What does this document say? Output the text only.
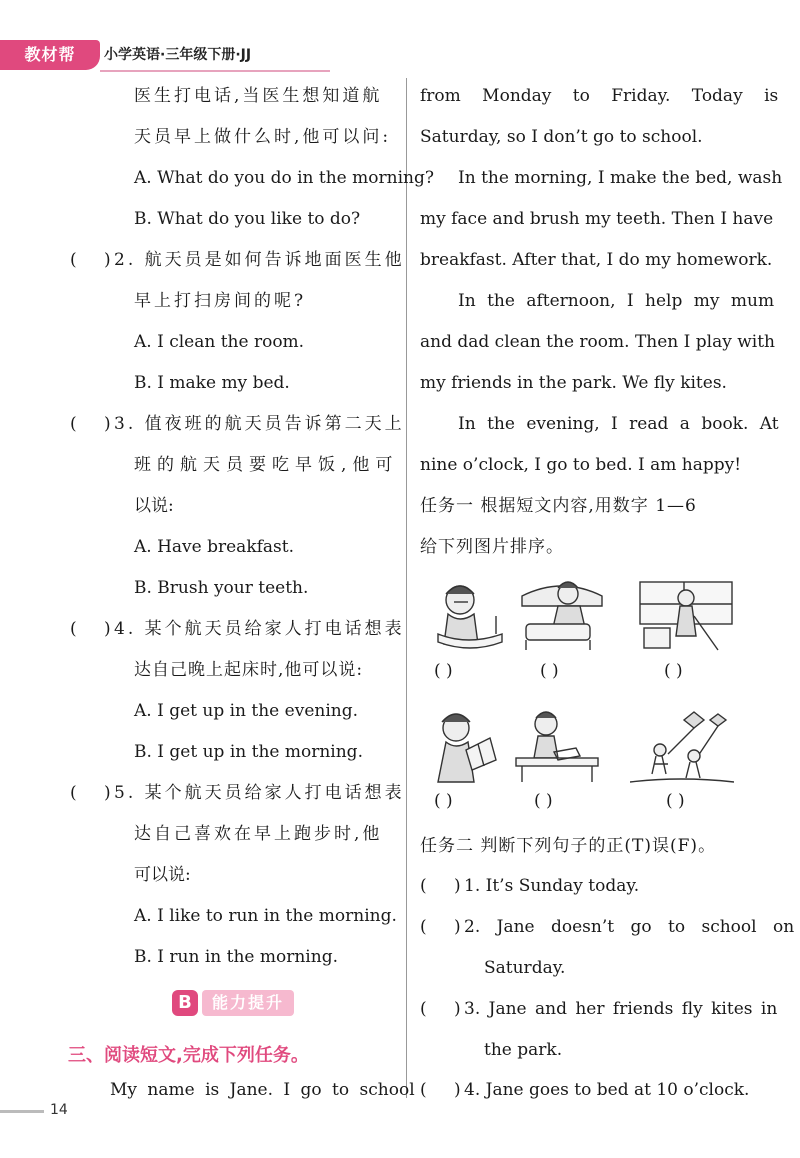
教材帮	小学英语·三年级下册·JJ
医生打电话,当医生想知道航
天员早上做什么时,他可以问:
A. What do you do in the morning?
B. What do you like to do?
( ) 2. 航天员是如何告诉地面医生他
早上打扫房间的呢?
A. I clean the room.
B. I make my bed.
( ) 3. 值夜班的航天员告诉第二天上
班的航天员要吃早饭,他可
以说:
A. Have breakfast.
B. Brush your teeth.
( ) 4. 某个航天员给家人打电话想表
达自己晚上起床时,他可以说:
A. I get up in the evening.
B. I get up in the morning.
( ) 5. 某个航天员给家人打电话想表
达自己喜欢在早上跑步时,他
可以说:
A. I like to run in the morning.
B. I run in the morning.
B 能力提升
三、阅读短文,完成下列任务。
My name is Jane. I go to school
from Monday to Friday. Today is
Saturday, so I don’t go to school.
In the morning, I make the bed, wash
my face and brush my teeth. Then I have
breakfast. After that, I do my homework.
In the afternoon, I help my mum
and dad clean the room. Then I play with
my friends in the park. We fly kites.
In the evening, I read a book. At
nine o’clock, I go to bed. I am happy!
任务一 根据短文内容,用数字 1—6
给下列图片排序。
( )	( )	( )
( )	( )	( )
任务二 判断下列句子的正(T)误(F)。
( ) 1. It’s Sunday today.
( ) 2. Jane doesn’t go to school on
Saturday.
( ) 3. Jane and her friends fly kites in
the park.
( ) 4. Jane goes to bed at 10 o’clock.
14
